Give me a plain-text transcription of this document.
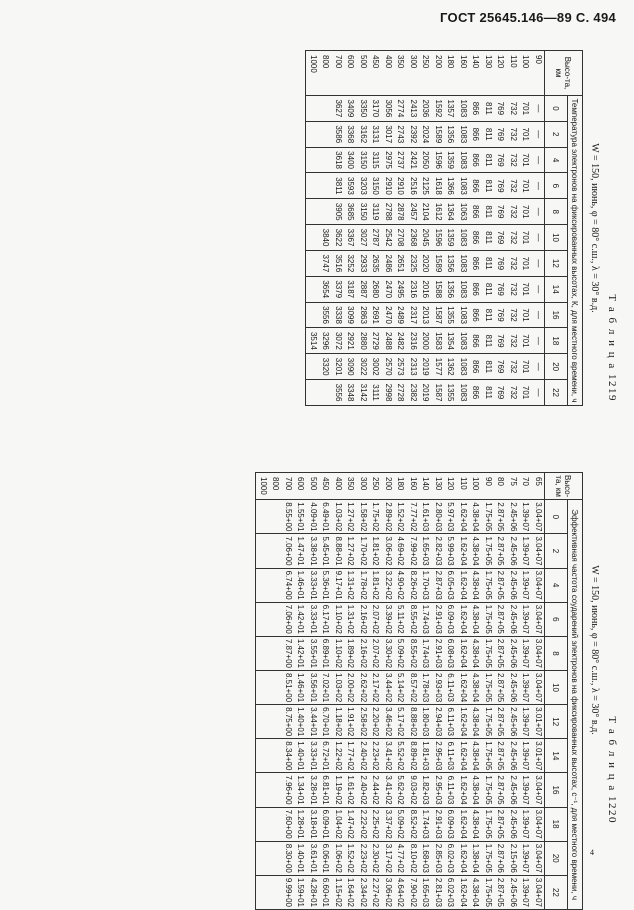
ГОСТ 25645.146—89 С. 494
Т а б л и ц а 1219
W = 150, июнь, φ = 80° с.ш., λ = 30° в.д.
Высо-та, км	Температура электронов на фиксированных высотах, К, для местного времени, ч											
	0	2	4	6	8	10	12	14	16	18	20	22
90	—	—	—	—	—	—	—	—	—	—	—	—
100	701	701	701	701	701	701	701	701	701	701	701	701
110	732	732	732	732	732	732	732	732	732	732	732	732
120	769	769	769	769	769	769	769	769	769	769	769	769
130	811	811	811	811	811	811	811	811	811	811	811	811
140	866	866	866	866	866	866	866	866	866	866	866	866
160	1083	1083	1083	1083	1063	1083	1083	1083	1083	1083	1083	1083
180	1357	1356	1359	1366	1364	1359	1356	1356	1355	1354	1362	1355
200	1592	1589	1596	1618	1612	1596	1589	1588	1587	1583	1577	1587
250	2036	2024	2050	2125	2104	2045	2020	2016	2013	2000	2019	2019
300	2413	2392	2421	2516	2457	2368	2325	2316	2317	2316	2313	2382
350	2774	2743	2737	2910	2878	2708	2651	2495	2489	2482	2573	2728
400	3056	3017	2975	2910	2788	2542	2486	2470	2470	2488	2570	2998
450	3170	3131	3115	3150	3119	2787	2635	2680	2691	2729	3002	3111
500	3350	3162	3150	3203	3150	3027	2933	2887	2863	2880	3022	3142
600	3409	3368	3400	3593	3685	3367	3252	3187	3099	2921	3090	3348
700	3627	3586	3618	3811	3905	3622	3516	3379	3338	3072	3201	3556
800						3840	3747	3654	3556	3296	3320	
1000										3514		
Т а б л и ц а 1220
W = 150, июнь, φ = 80° с.ш., λ = 30° в.д.
Высо-та, км	Эффективная частота соударений электронов на фиксированных высотах, с⁻¹, для местного времени, ч											
	0	2	4	6	8	10	12	14	16	18	20	22
65	3.04+07	3.04+07	3.04+07	3.04+07	3.04+07	3.04+07	3.01+07	3.01+07	3.04+07	3.04+07	3.04+07	3.04+07
70	1.39+07	1.39+07	1.39+07	1.39+07	1.39+07	1.39+07	1.39+07	1.39+07	1.39+07	1.39+07	1.39+07	1.39+07
75	2.45+06	2.45+06	2.45+06	2.45+06	2.45+06	2.45+06	2.45+06	2.45+06	2.45+06	2.45+06	2.15+06	2.45+06
80	2.87+05	2.87+05	2.87+05	2.87+05	2.87+05	2.87+05	2.87+05	2.87+05	2.87+05	2.87+05	2.87+06	2.87+05
90	1.75+05	1.75+05	1.75+05	1.75+05	1.75+05	1.75+05	1.75+05	1.75+05	1.75+05	1.75+05	1.75+05	1.75+05
100	4.38+04	4.38+04	4.38+04	4.38+04	4.38+04	4.38+04	4.38+04	4.38+04	4.38+04	4.38+04	1.38+04	4.38+04
110	1.62+04	1.62+04	1.62+04	1.62+04	1.62+04	1.62+04	1.62+04	1.62+04	1.62+04	1.62+04	1.62+04	1.62+04
120	5.97+03	5.99+03	6.05+03	6.09+03	6.08+03	6.11+03	6.11+03	6.11+03	6.11+03	6.09+03	6.02+03	6.02+03
130	2.80+03	2.82+03	2.87+03	2.91+03	2.91+03	2.93+03	2.94+03	2.95+03	2.95+03	2.91+03	2.85+03	2.81+03
140	1.61+03	1.65+03	1.70+03	1.74+03	1.74+03	1.78+03	1.80+03	1.81+03	1.82+03	1.74+03	1.68+03	1.65+03
160	7.77+02	7.99+02	8.26+02	8.55+02	8.55+02	8.57+02	8.88+02	8.89+02	9.03+02	8.52+02	8.10+02	7.90+02
180	1.52+02	4.69+02	4.90+02	5.11+02	5.09+02	5.14+02	5.17+02	5.52+02	5.62+02	5.09+02	4.77+02	4.64+02
200	2.89+02	3.06+02	3.22+02	3.39+02	3.30+02	3.44+02	3.46+02	3.41+02	3.41+02	3.37+02	3.17+02	3.06+02
250	1.75+02	1.81+02	1.81+02	2.07+02	2.07+02	2.17+02	2.20+02	2.23+02	2.44+02	2.25+02	2.30+02	2.27+02
300	1.58+02	1.70+02	1.78+02	2.16+02	2.16+02	2.62+02	2.58+02	2.40+02	2.40+02	2.22+02	2.23+02	2.34+02
350	1.27+02	1.27+02	1.31+02	1.31+02	1.89+02	2.00+02	1.91+02	1.77+02	1.61+02	1.47+02	1.52+02	1.64+02
400	1.03+02	8.88+01	9.17+01	1.10+02	1.10+02	1.03+02	1.18+02	1.22+02	1.19+02	1.04+02	1.06+02	1.15+02
450	6.49+01	5.45+01	5.36+01	6.17+01	6.89+01	7.02+01	6.70+01	6.72+01	6.81+01	6.09+01	6.06+01	6.60+01
500	4.09+01	3.38+01	3.33+01	3.33+01	3.55+01	3.56+01	3.44+01	3.33+01	3.28+01	3.18+01	3.61+01	4.28+01
600	1.55+01	1.47+01	1.46+01	1.42+01	1.42+01	1.46+01	1.40+01	1.40+01	1.34+01	1.28+01	1.40+01	1.59+01
700	8.55+00	7.06+00	6.74+00	7.06+00	7.87+00	8.51+00	8.75+00	8.34+00	7.96+00	7.60+00	8.30+00	9.99+00
800												
1000												
4
